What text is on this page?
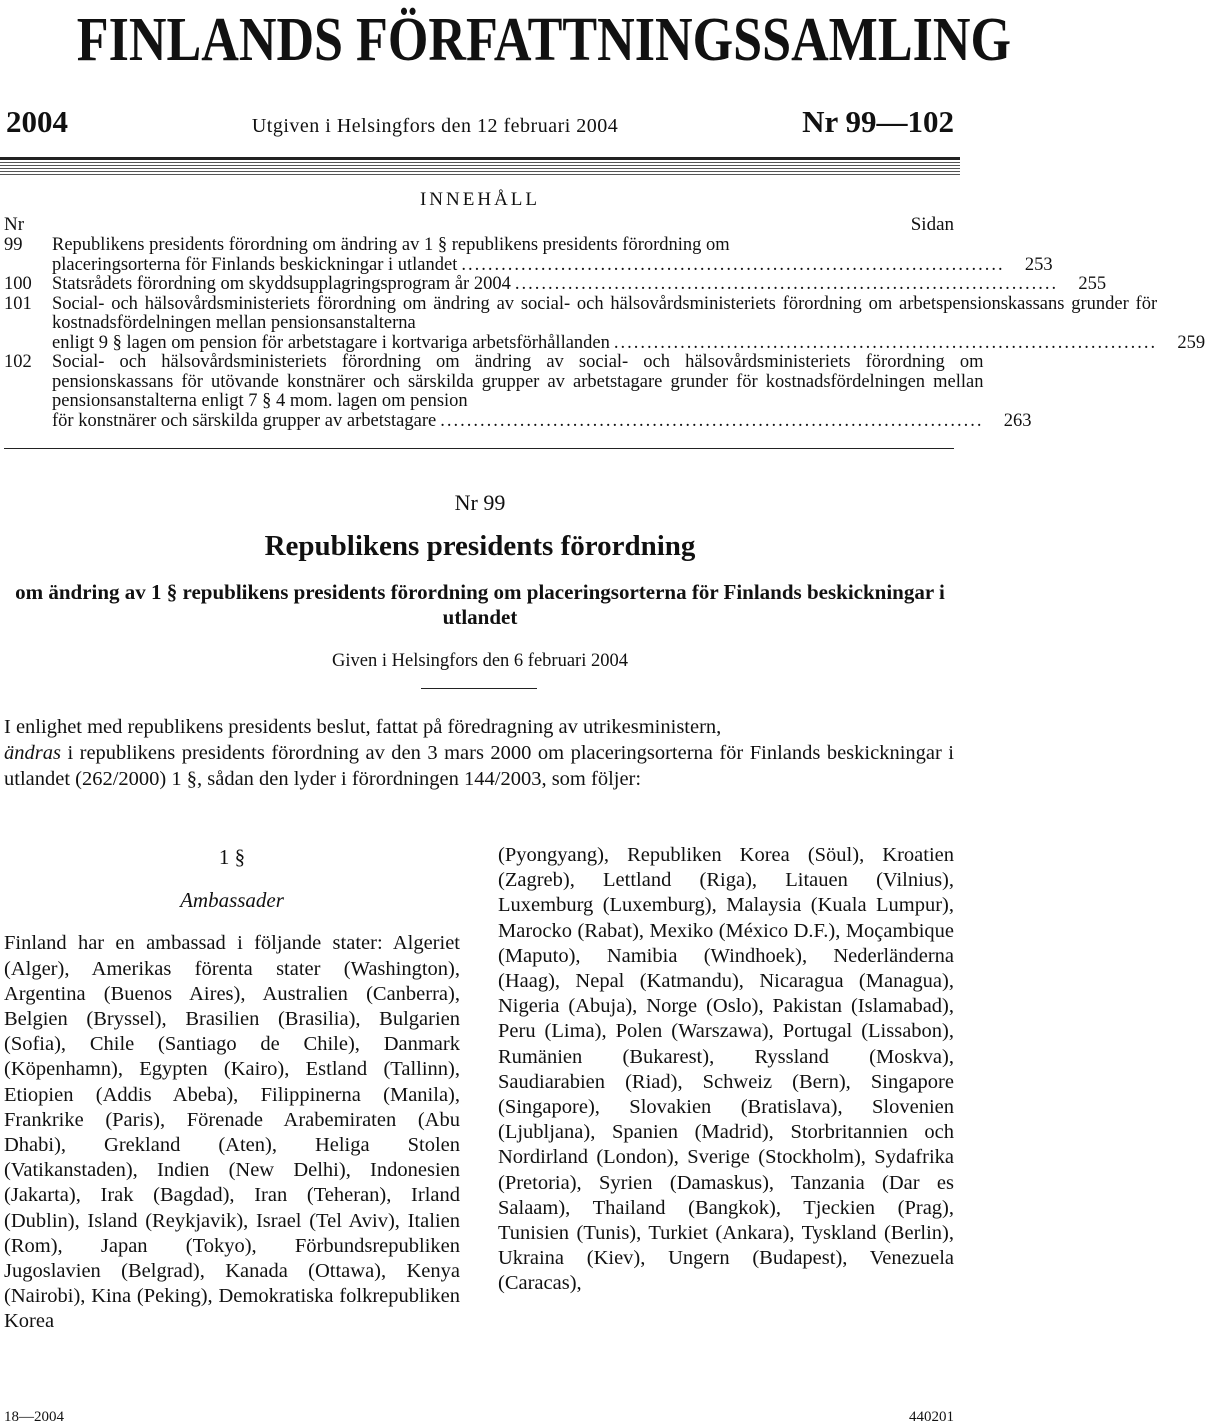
FINLANDS FÖRFATTNINGSSAMLING
2004	Utgiven i Helsingfors den 12 februari 2004	Nr 99—102
INNEHÅLL
Nr	Sidan
99	Republikens presidents förordning om ändring av 1 § republikens presidents förordning om
placeringsorterna för Finlands beskickningar i utlandet ..................................................................................	253
100	Statsrådets förordning om skyddsupplagringsprogram år 2004 ..................................................................................	255
101	Social- och hälsovårdsministeriets förordning om ändring av social- och hälsovårdsministeriets förordning om arbetspensionskassans grunder för kostnadsfördelningen mellan pensionsanstalterna
enligt 9 § lagen om pension för arbetstagare i kortvariga arbetsförhållanden ..................................................................................	259
102	Social- och hälsovårdsministeriets förordning om ändring av social- och hälsovårdsministeriets förordning om pensionskassans för utövande konstnärer och särskilda grupper av arbetstagare grunder för kostnadsfördelningen mellan pensionsanstalterna enligt 7 § 4 mom. lagen om pension
för konstnärer och särskilda grupper av arbetstagare ..................................................................................	263
Nr 99
Republikens presidents förordning
om ändring av 1 § republikens presidents förordning om placeringsorterna för Finlands beskickningar i utlandet
Given i Helsingfors den 6 februari 2004

I enlighet med republikens presidents beslut, fattat på föredragning av utrikesministern,

ändras i republikens presidents förordning av den 3 mars 2000 om placeringsorterna för Finlands beskickningar i utlandet (262/2000) 1 §, sådan den lyder i förordningen 144/2003, som följer:

1 §
Ambassader

Finland har en ambassad i följande stater: Algeriet (Alger), Amerikas förenta stater (Washington), Argentina (Buenos Aires), Australien (Canberra), Belgien (Bryssel), Brasilien (Brasilia), Bulgarien (Sofia), Chile (Santiago de Chile), Danmark (Köpenhamn), Egypten (Kairo), Estland (Tallinn), Etiopien (Addis Abeba), Filippinerna (Manila), Frankrike (Paris), Förenade Arabemiraten (Abu Dhabi), Grekland (Aten), Heliga Stolen (Vatikanstaden), Indien (New Delhi), Indonesien (Jakarta), Irak (Bagdad), Iran (Teheran), Irland (Dublin), Island (Reykjavik), Israel (Tel Aviv), Italien (Rom), Japan (Tokyo), Förbundsrepubliken Jugoslavien (Belgrad), Kanada (Ottawa), Kenya (Nairobi), Kina (Peking), Demokratiska folkrepubliken Korea

(Pyongyang), Republiken Korea (Söul), Kroatien (Zagreb), Lettland (Riga), Litauen (Vilnius), Luxemburg (Luxemburg), Malaysia (Kuala Lumpur), Marocko (Rabat), Mexiko (México D.F.), Moçambique (Maputo), Namibia (Windhoek), Nederländerna (Haag), Nepal (Katmandu), Nicaragua (Managua), Nigeria (Abuja), Norge (Oslo), Pakistan (Islamabad), Peru (Lima), Polen (Warszawa), Portugal (Lissabon), Rumänien (Bukarest), Ryssland (Moskva), Saudiarabien (Riad), Schweiz (Bern), Singapore (Singapore), Slovakien (Bratislava), Slovenien (Ljubljana), Spanien (Madrid), Storbritannien och Nordirland (London), Sverige (Stockholm), Sydafrika (Pretoria), Syrien (Damaskus), Tanzania (Dar es Salaam), Thailand (Bangkok), Tjeckien (Prag), Tunisien (Tunis), Turkiet (Ankara), Tyskland (Berlin), Ukraina (Kiev), Ungern (Budapest), Venezuela (Caracas),

18—2004	440201
